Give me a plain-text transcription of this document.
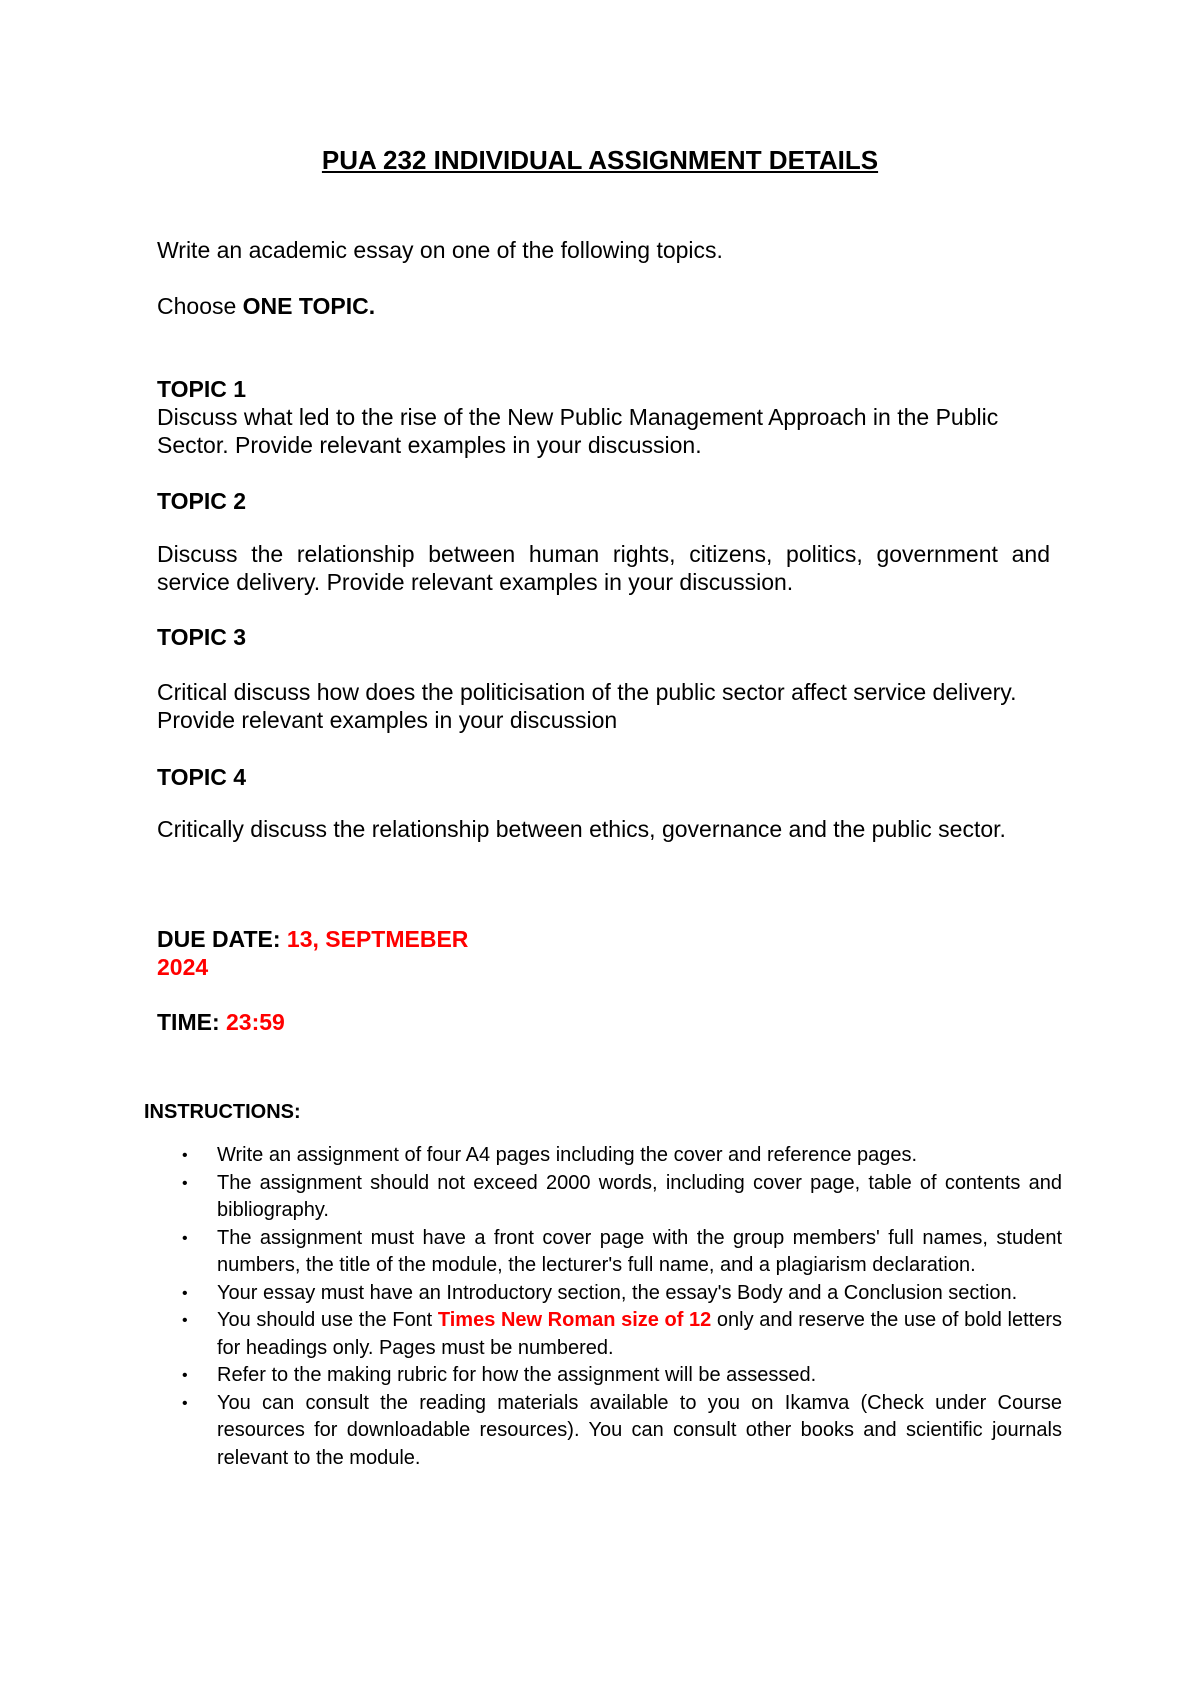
PUA 232 INDIVIDUAL ASSIGNMENT DETAILS
Write an academic essay on one of the following topics.
Choose ONE TOPIC.
TOPIC 1
Discuss what led to the rise of the New Public Management Approach in the Public
Sector. Provide relevant examples in your discussion.
TOPIC 2
Discuss the relationship between human rights, citizens, politics, government and
service delivery. Provide relevant examples in your discussion.
TOPIC 3
Critical discuss how does the politicisation of the public sector affect service delivery.
Provide relevant examples in your discussion
TOPIC 4
Critically discuss the relationship between ethics, governance and the public sector.
DUE DATE: 13, SEPTMEBER
2024
TIME: 23:59
INSTRUCTIONS:
• Write an assignment of four A4 pages including the cover and reference pages.
• The assignment should not exceed 2000 words, including cover page, table of contents and bibliography.
• The assignment must have a front cover page with the group members' full names, student numbers, the title of the module, the lecturer's full name, and a plagiarism declaration.
• Your essay must have an Introductory section, the essay's Body and a Conclusion section.
• You should use the Font Times New Roman size of 12 only and reserve the use of bold letters for headings only. Pages must be numbered.
• Refer to the making rubric for how the assignment will be assessed.
• You can consult the reading materials available to you on Ikamva (Check under Course resources for downloadable resources). You can consult other books and scientific journals relevant to the module.
